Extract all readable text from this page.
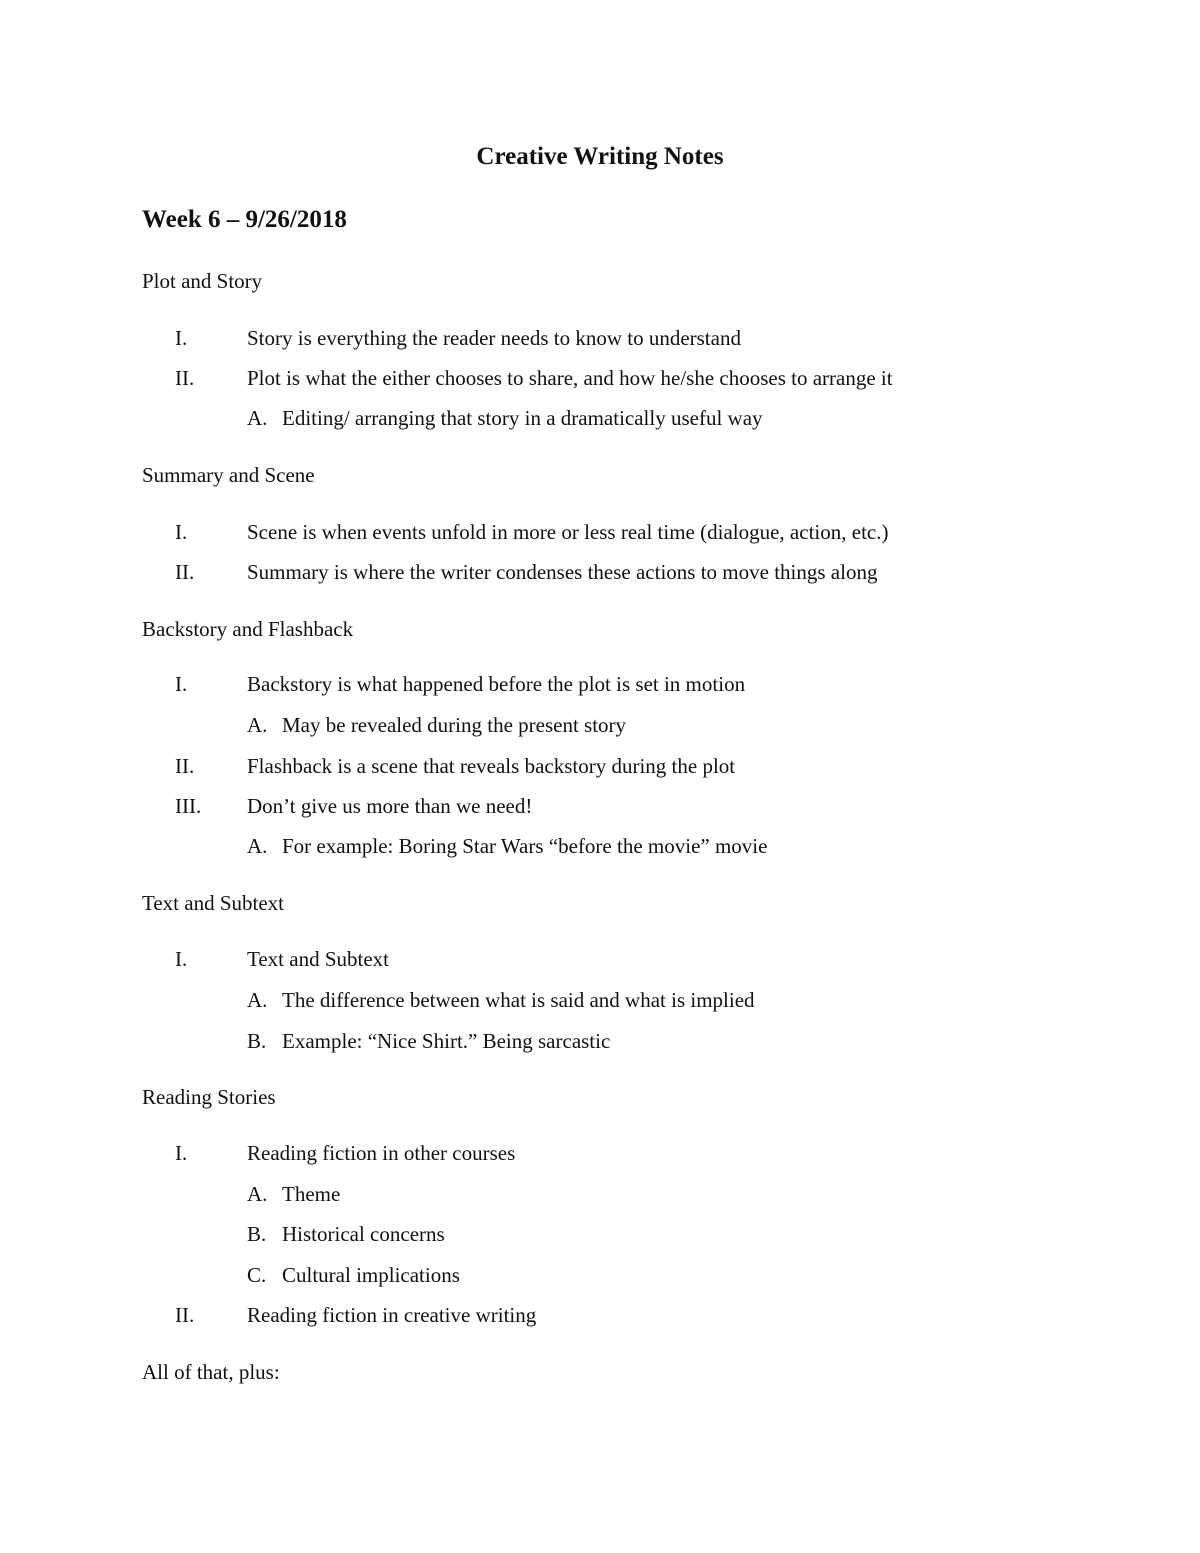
Creative Writing Notes
Week 6 – 9/26/2018
Plot and Story
I.	Story is everything the reader needs to know to understand
II.	Plot is what the either chooses to share, and how he/she chooses to arrange it
A. Editing/ arranging that story in a dramatically useful way
Summary and Scene
I.	Scene is when events unfold in more or less real time (dialogue, action, etc.)
II.	Summary is where the writer condenses these actions to move things along
Backstory and Flashback
I.	Backstory is what happened before the plot is set in motion
A. May be revealed during the present story
II.	Flashback is a scene that reveals backstory during the plot
III. Don’t give us more than we need!
A. For example: Boring Star Wars “before the movie” movie
Text and Subtext
I.	Text and Subtext
A. The difference between what is said and what is implied
B. Example: “Nice Shirt.” Being sarcastic
Reading Stories
I.	Reading fiction in other courses
A. Theme
B. Historical concerns
C. Cultural implications
II.	Reading fiction in creative writing
All of that, plus:
